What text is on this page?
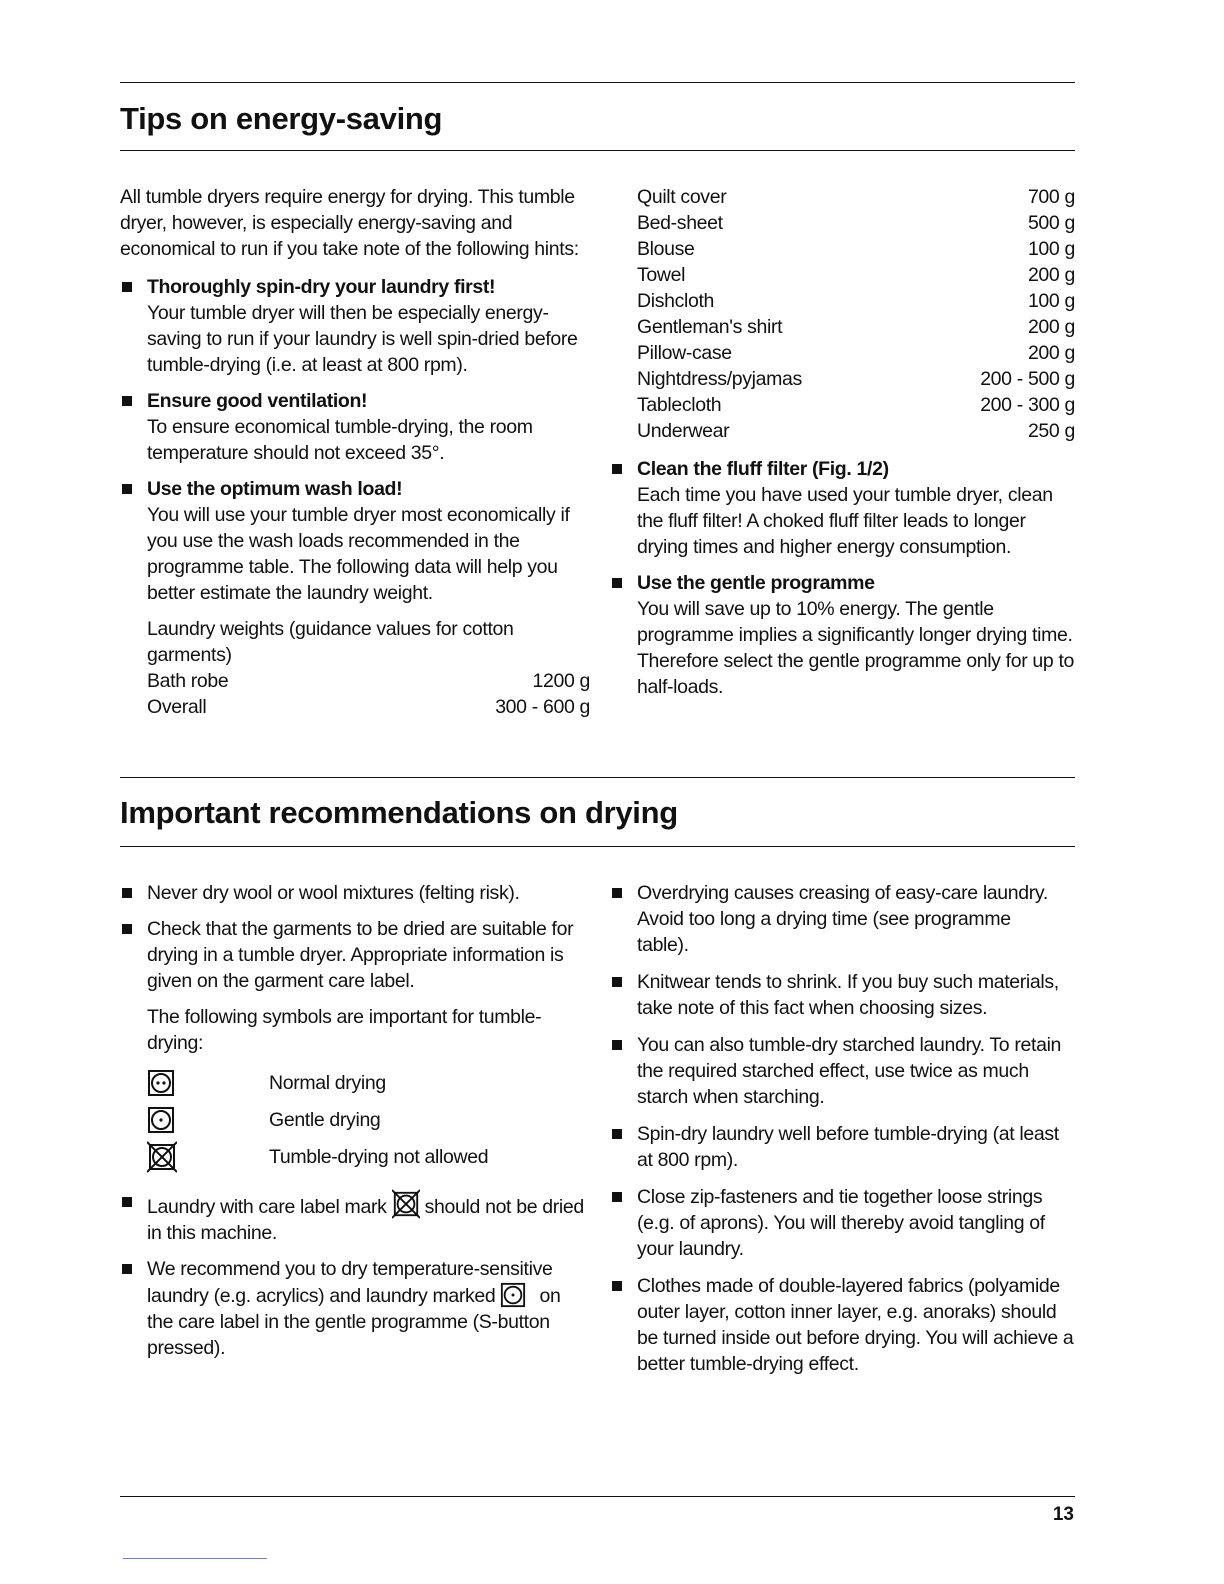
Tips on energy-saving

All tumble dryers require energy for drying. This tumble dryer, however, is especially energy-saving and economical to run if you take note of the following hints:

Thoroughly spin-dry your laundry first!

Your tumble dryer will then be especially energy-saving to run if your laundry is well spin-dried before tumble-drying (i.e. at least at 800 rpm).

Ensure good ventilation!

To ensure economical tumble-drying, the room temperature should not exceed 35°.

Use the optimum wash load!

You will use your tumble dryer most economically if you use the wash loads recommended in the programme table. The following data will help you better estimate the laundry weight.

Laundry weights (guidance values for cotton garments)

Bath robe	1200 g
Overall	300 - 600 g
Quilt cover	700 g
Bed-sheet	500 g
Blouse	100 g
Towel	200 g
Dishcloth	100 g
Gentleman's shirt	200 g
Pillow-case	200 g
Nightdress/pyjamas	200 - 500 g
Tablecloth	200 - 300 g
Underwear	250 g

Clean the fluff filter (Fig. 1/2)

Each time you have used your tumble dryer, clean the fluff filter! A choked fluff filter leads to longer drying times and higher energy consumption.

Use the gentle programme

You will save up to 10% energy. The gentle programme implies a significantly longer drying time. Therefore select the gentle programme only for up to half-loads.

Important recommendations on drying

Never dry wool or wool mixtures (felting risk).

Check that the garments to be dried are suitable for drying in a tumble dryer. Appropriate information is given on the garment care label.

The following symbols are important for tumble-drying:

Normal drying
Gentle drying
Tumble-drying not allowed

Laundry with care label mark should not be dried in this machine.

We recommend you to dry temperature-sensitive laundry (e.g. acrylics) and laundry marked on the care label in the gentle programme (S-button pressed).

Overdrying causes creasing of easy-care laundry. Avoid too long a drying time (see programme table).

Knitwear tends to shrink. If you buy such materials, take note of this fact when choosing sizes.

You can also tumble-dry starched laundry. To retain the required starched effect, use twice as much starch when starching.

Spin-dry laundry well before tumble-drying (at least at 800 rpm).

Close zip-fasteners and tie together loose strings (e.g. of aprons). You will thereby avoid tangling of your laundry.

Clothes made of double-layered fabrics (polyamide outer layer, cotton inner layer, e.g. anoraks) should be turned inside out before drying. You will achieve a better tumble-drying effect.

13
